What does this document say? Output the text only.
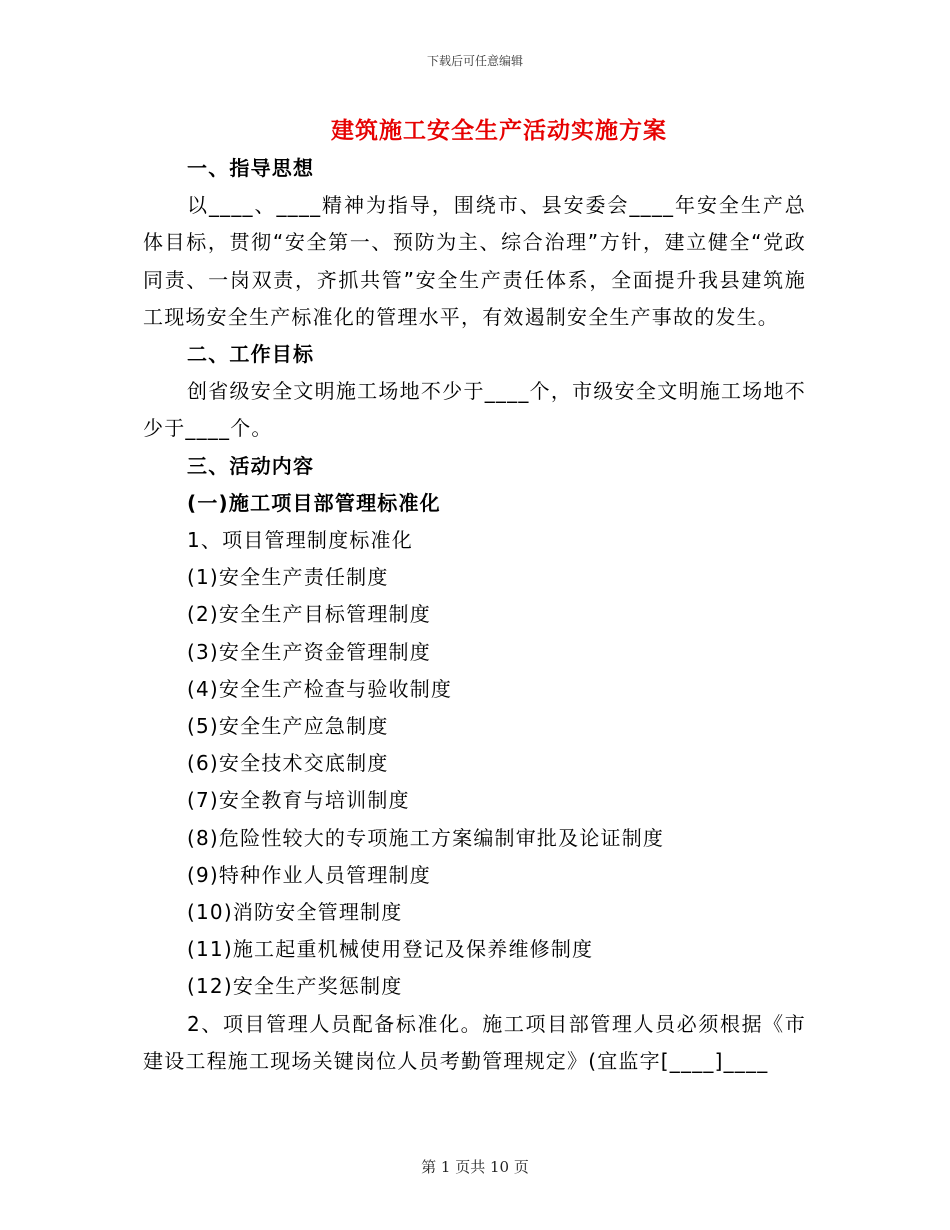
下载后可任意编辑
建筑施工安全生产活动实施方案

一、指导思想

以____、____精神为指导，围绕市、县安委会____年安全生产总体目标，贯彻“安全第一、预防为主、综合治理”方针，建立健全“党政同责、一岗双责，齐抓共管”安全生产责任体系，全面提升我县建筑施工现场安全生产标准化的管理水平，有效遏制安全生产事故的发生。

二、工作目标

创省级安全文明施工场地不少于____个，市级安全文明施工场地不少于____个。

三、活动内容

(一)施工项目部管理标准化

1、项目管理制度标准化

(1)安全生产责任制度

(2)安全生产目标管理制度

(3)安全生产资金管理制度

(4)安全生产检查与验收制度

(5)安全生产应急制度

(6)安全技术交底制度

(7)安全教育与培训制度

(8)危险性较大的专项施工方案编制审批及论证制度

(9)特种作业人员管理制度

(10)消防安全管理制度

(11)施工起重机械使用登记及保养维修制度

(12)安全生产奖惩制度

2、项目管理人员配备标准化。施工项目部管理人员必须根据《市建设工程施工现场关键岗位人员考勤管理规定》(宜监字[____]____

第 1 页共 10 页
